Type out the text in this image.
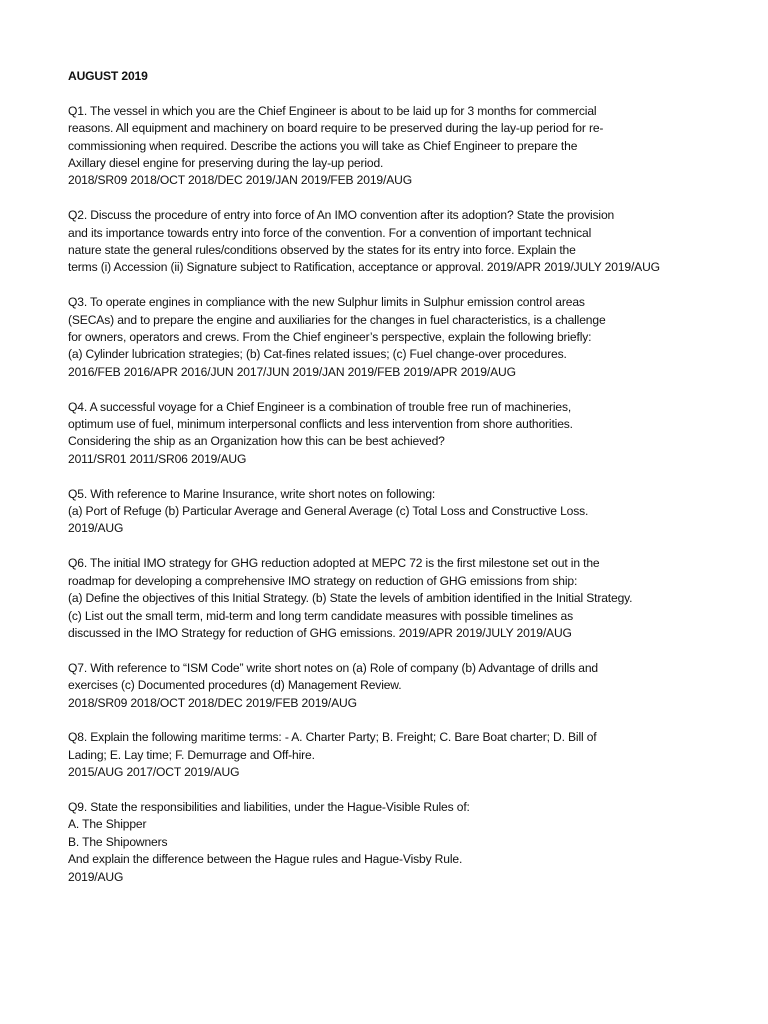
AUGUST 2019
Q1. The vessel in which you are the Chief Engineer is about to be laid up for 3 months for commercial
reasons. All equipment and machinery on board require to be preserved during the lay-up period for re-
commissioning when required. Describe the actions you will take as Chief Engineer to prepare the
Axillary diesel engine for preserving during the lay-up period.
2018/SR09 2018/OCT 2018/DEC 2019/JAN 2019/FEB 2019/AUG
Q2. Discuss the procedure of entry into force of An IMO convention after its adoption? State the provision
and its importance towards entry into force of the convention. For a convention of important technical
nature state the general rules/conditions observed by the states for its entry into force. Explain the
terms (i) Accession (ii) Signature subject to Ratification, acceptance or approval. 2019/APR 2019/JULY 2019/AUG
Q3. To operate engines in compliance with the new Sulphur limits in Sulphur emission control areas
(SECAs) and to prepare the engine and auxiliaries for the changes in fuel characteristics, is a challenge
for owners, operators and crews. From the Chief engineer’s perspective, explain the following briefly:
(a) Cylinder lubrication strategies; (b) Cat-fines related issues; (c) Fuel change-over procedures.
2016/FEB 2016/APR 2016/JUN 2017/JUN 2019/JAN 2019/FEB 2019/APR 2019/AUG
Q4. A successful voyage for a Chief Engineer is a combination of trouble free run of machineries,
optimum use of fuel, minimum interpersonal conflicts and less intervention from shore authorities.
Considering the ship as an Organization how this can be best achieved?
2011/SR01 2011/SR06 2019/AUG
Q5. With reference to Marine Insurance, write short notes on following:
(a) Port of Refuge (b) Particular Average and General Average (c) Total Loss and Constructive Loss.
2019/AUG
Q6. The initial IMO strategy for GHG reduction adopted at MEPC 72 is the first milestone set out in the
roadmap for developing a comprehensive IMO strategy on reduction of GHG emissions from ship:
(a) Define the objectives of this Initial Strategy. (b) State the levels of ambition identified in the Initial Strategy.
(c) List out the small term, mid-term and long term candidate measures with possible timelines as
discussed in the IMO Strategy for reduction of GHG emissions. 2019/APR 2019/JULY 2019/AUG
Q7. With reference to “ISM Code” write short notes on (a) Role of company (b) Advantage of drills and
exercises (c) Documented procedures (d) Management Review.
2018/SR09 2018/OCT 2018/DEC 2019/FEB 2019/AUG
Q8. Explain the following maritime terms: - A. Charter Party; B. Freight; C. Bare Boat charter; D. Bill of
Lading; E. Lay time; F. Demurrage and Off-hire.
2015/AUG 2017/OCT 2019/AUG
Q9. State the responsibilities and liabilities, under the Hague-Visible Rules of:
A. The Shipper
B. The Shipowners
And explain the difference between the Hague rules and Hague-Visby Rule.
2019/AUG
